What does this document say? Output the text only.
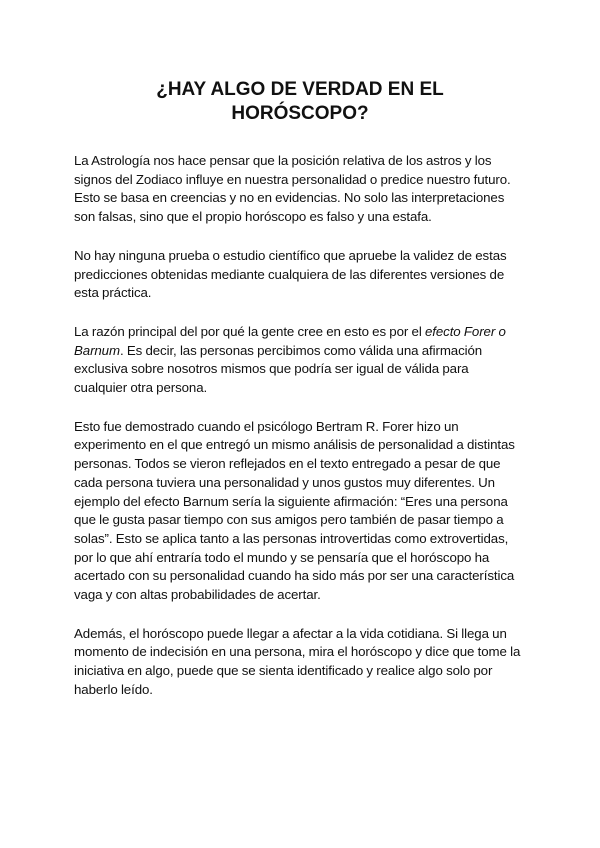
¿HAY ALGO DE VERDAD EN EL
HORÓSCOPO?

La Astrología nos hace pensar que la posición relativa de los astros y los
signos del Zodiaco influye en nuestra personalidad o predice nuestro futuro.
Esto se basa en creencias y no en evidencias. No solo las interpretaciones
son falsas, sino que el propio horóscopo es falso y una estafa.

No hay ninguna prueba o estudio científico que apruebe la validez de estas
predicciones obtenidas mediante cualquiera de las diferentes versiones de
esta práctica.

La razón principal del por qué la gente cree en esto es por el efecto Forer o
Barnum. Es decir, las personas percibimos como válida una afirmación
exclusiva sobre nosotros mismos que podría ser igual de válida para
cualquier otra persona.

Esto fue demostrado cuando el psicólogo Bertram R. Forer hizo un
experimento en el que entregó un mismo análisis de personalidad a distintas
personas. Todos se vieron reflejados en el texto entregado a pesar de que
cada persona tuviera una personalidad y unos gustos muy diferentes. Un
ejemplo del efecto Barnum sería la siguiente afirmación: “Eres una persona
que le gusta pasar tiempo con sus amigos pero también de pasar tiempo a
solas”. Esto se aplica tanto a las personas introvertidas como extrovertidas,
por lo que ahí entraría todo el mundo y se pensaría que el horóscopo ha
acertado con su personalidad cuando ha sido más por ser una característica
vaga y con altas probabilidades de acertar.

Además, el horóscopo puede llegar a afectar a la vida cotidiana. Si llega un
momento de indecisión en una persona, mira el horóscopo y dice que tome la
iniciativa en algo, puede que se sienta identificado y realice algo solo por
haberlo leído.
